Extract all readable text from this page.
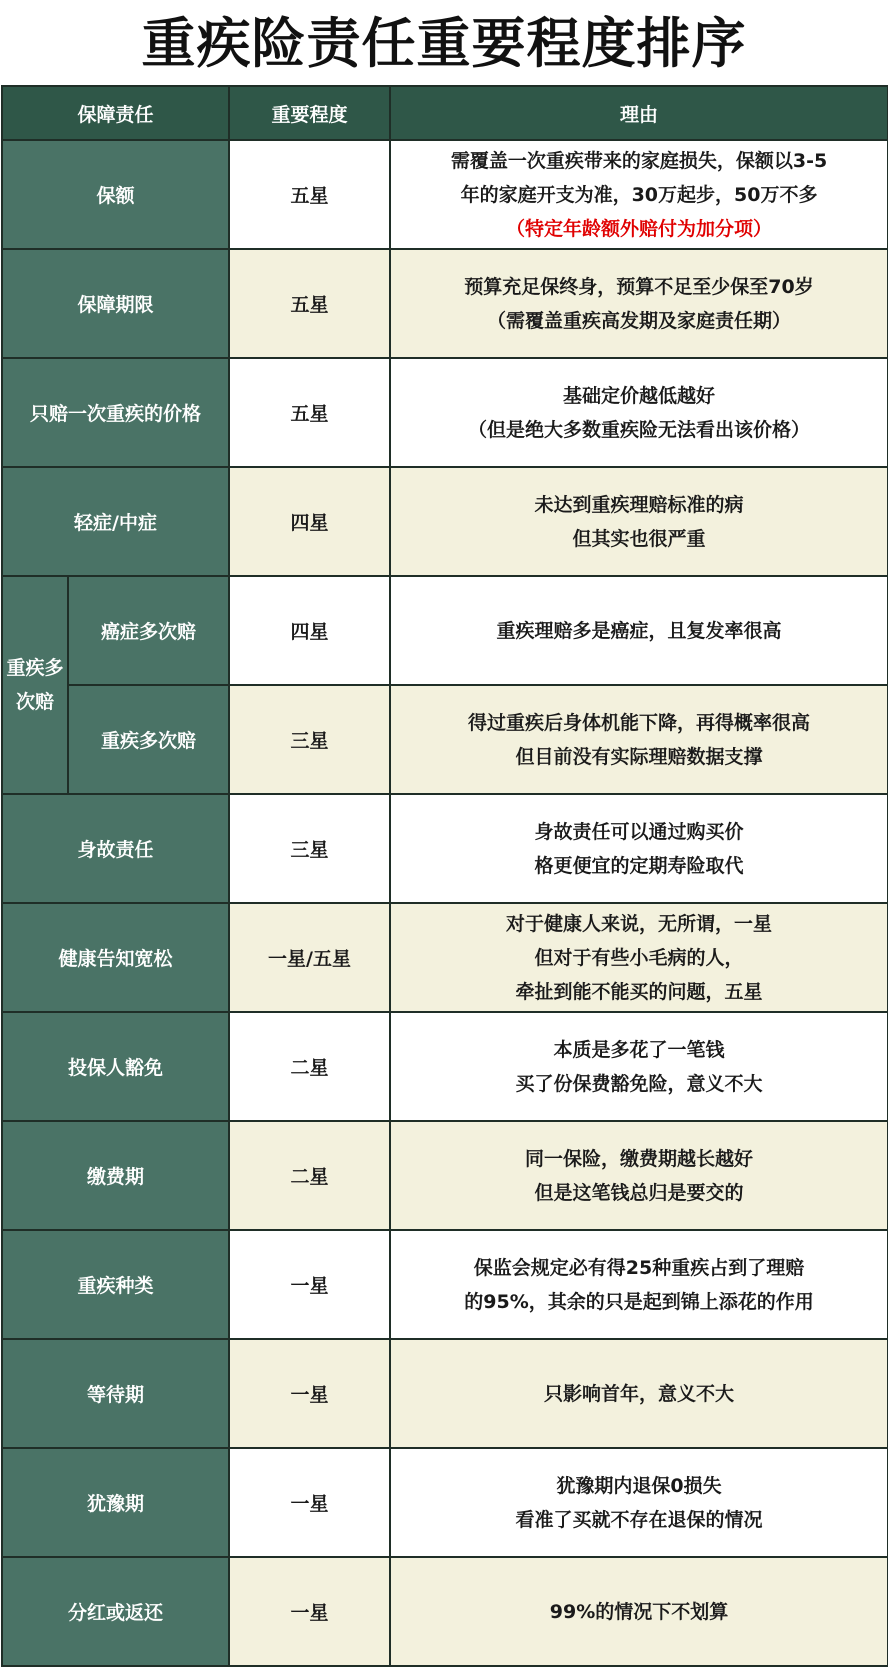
重疾险责任重要程度排序
保障责任		重要程度	理由
保额		五星	需覆盖一次重疾带来的家庭损失，保额以3-5
年的家庭开支为准，30万起步，50万不多
（特定年龄额外赔付为加分项）

保障期限		五星	预算充足保终身，预算不足至少保至70岁
（需覆盖重疾高发期及家庭责任期）

只赔一次重疾的价格		五星	基础定价越低越好
（但是绝大多数重疾险无法看出该价格）

轻症/中症		四星	未达到重疾理赔标准的病
但其实也很严重

重疾多次赔	癌症多次赔	四星	重疾理赔多是癌症，且复发率很高

	重疾多次赔	三星	得过重疾后身体机能下降，再得概率很高
但目前没有实际理赔数据支撑

身故责任		三星	身故责任可以通过购买价
格更便宜的定期寿险取代

健康告知宽松		一星/五星	对于健康人来说，无所谓，一星
但对于有些小毛病的人，
牵扯到能不能买的问题，五星

投保人豁免		二星	本质是多花了一笔钱
买了份保费豁免险，意义不大

缴费期		二星	同一保险，缴费期越长越好
但是这笔钱总归是要交的

重疾种类		一星	保监会规定必有得25种重疾占到了理赔
的95%，其余的只是起到锦上添花的作用

等待期		一星	只影响首年，意义不大

犹豫期		一星	犹豫期内退保0损失
看准了买就不存在退保的情况

分红或返还		一星	99%的情况下不划算
